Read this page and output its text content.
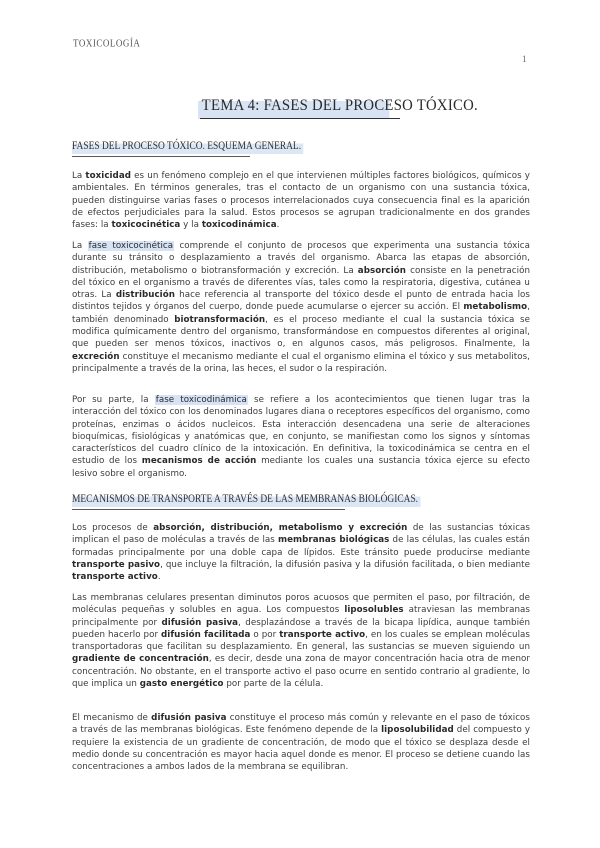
TOXICOLOGÍA
1
TEMA 4: FASES DEL PROCESO TÓXICO.
FASES DEL PROCESO TÓXICO. ESQUEMA GENERAL.
La toxicidad es un fenómeno complejo en el que intervienen múltiples factores biológicos, químicos y ambientales. En términos generales, tras el contacto de un organismo con una sustancia tóxica, pueden distinguirse varias fases o procesos interrelacionados cuya consecuencia final es la aparición de efectos perjudiciales para la salud. Estos procesos se agrupan tradicionalmente en dos grandes fases: la toxicocinética y la toxicodinámica.
La fase toxicocinética comprende el conjunto de procesos que experimenta una sustancia tóxica durante su tránsito o desplazamiento a través del organismo. Abarca las etapas de absorción, distribución, metabolismo o biotransformación y excreción. La absorción consiste en la penetración del tóxico en el organismo a través de diferentes vías, tales como la respiratoria, digestiva, cutánea u otras. La distribución hace referencia al transporte del tóxico desde el punto de entrada hacia los distintos tejidos y órganos del cuerpo, donde puede acumularse o ejercer su acción. El metabolismo, también denominado biotransformación, es el proceso mediante el cual la sustancia tóxica se modifica químicamente dentro del organismo, transformándose en compuestos diferentes al original, que pueden ser menos tóxicos, inactivos o, en algunos casos, más peligrosos. Finalmente, la excreción constituye el mecanismo mediante el cual el organismo elimina el tóxico y sus metabolitos, principalmente a través de la orina, las heces, el sudor o la respiración.
Por su parte, la fase toxicodinámica se refiere a los acontecimientos que tienen lugar tras la interacción del tóxico con los denominados lugares diana o receptores específicos del organismo, como proteínas, enzimas o ácidos nucleicos. Esta interacción desencadena una serie de alteraciones bioquímicas, fisiológicas y anatómicas que, en conjunto, se manifiestan como los signos y síntomas característicos del cuadro clínico de la intoxicación. En definitiva, la toxicodinámica se centra en el estudio de los mecanismos de acción mediante los cuales una sustancia tóxica ejerce su efecto lesivo sobre el organismo.
MECANISMOS DE TRANSPORTE A TRAVÉS DE LAS MEMBRANAS BIOLÓGICAS.
Los procesos de absorción, distribución, metabolismo y excreción de las sustancias tóxicas implican el paso de moléculas a través de las membranas biológicas de las células, las cuales están formadas principalmente por una doble capa de lípidos. Este tránsito puede producirse mediante transporte pasivo, que incluye la filtración, la difusión pasiva y la difusión facilitada, o bien mediante transporte activo.
Las membranas celulares presentan diminutos poros acuosos que permiten el paso, por filtración, de moléculas pequeñas y solubles en agua. Los compuestos liposolubles atraviesan las membranas principalmente por difusión pasiva, desplazándose a través de la bicapa lipídica, aunque también pueden hacerlo por difusión facilitada o por transporte activo, en los cuales se emplean moléculas transportadoras que facilitan su desplazamiento. En general, las sustancias se mueven siguiendo un gradiente de concentración, es decir, desde una zona de mayor concentración hacia otra de menor concentración. No obstante, en el transporte activo el paso ocurre en sentido contrario al gradiente, lo que implica un gasto energético por parte de la célula.
El mecanismo de difusión pasiva constituye el proceso más común y relevante en el paso de tóxicos a través de las membranas biológicas. Este fenómeno depende de la liposolubilidad del compuesto y requiere la existencia de un gradiente de concentración, de modo que el tóxico se desplaza desde el medio donde su concentración es mayor hacia aquel donde es menor. El proceso se detiene cuando las concentraciones a ambos lados de la membrana se equilibran.
